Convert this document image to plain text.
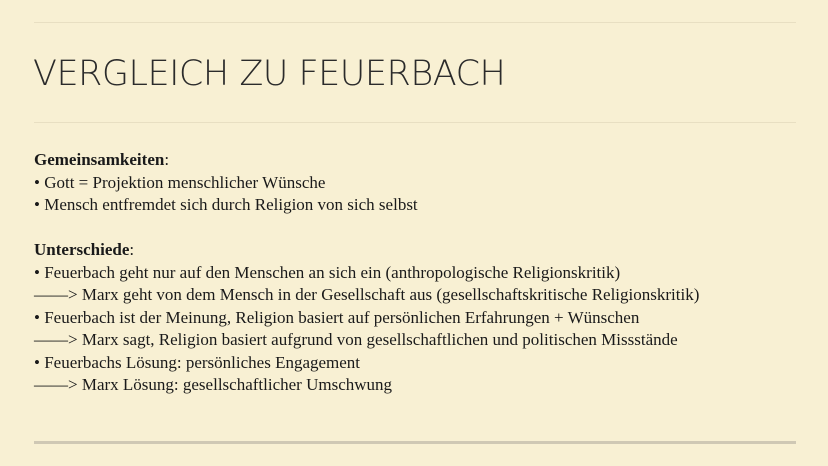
VERGLEICH ZU FEUERBACH
Gemeinsamkeiten:
• Gott = Projektion menschlicher Wünsche
• Mensch entfremdet sich durch Religion von sich selbst
Unterschiede:
• Feuerbach geht nur auf den Menschen an sich ein (anthropologische Religionskritik)
——> Marx geht von dem Mensch in der Gesellschaft aus (gesellschaftskritische Religionskritik)
• Feuerbach ist der Meinung, Religion basiert auf persönlichen Erfahrungen + Wünschen
——> Marx sagt, Religion basiert aufgrund von gesellschaftlichen und politischen Missstände
• Feuerbachs Lösung: persönliches Engagement
——> Marx Lösung: gesellschaftlicher Umschwung
